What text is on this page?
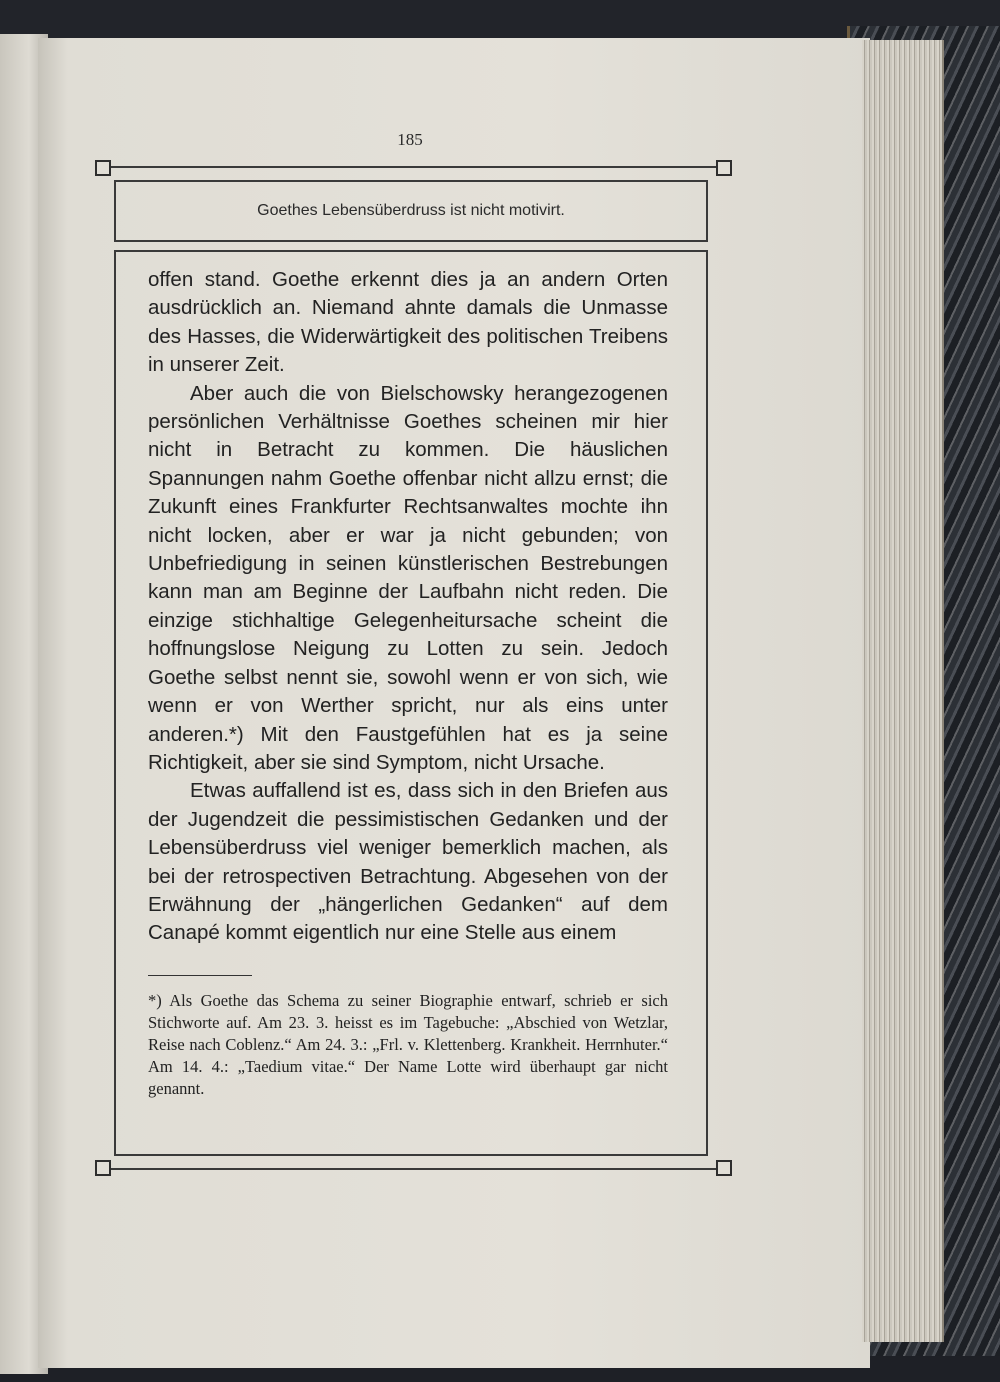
185
Goethes Lebensüberdruss ist nicht motivirt.

offen stand. Goethe erkennt dies ja an andern Orten ausdrücklich an. Niemand ahnte damals die Unmasse des Hasses, die Widerwärtigkeit des politischen Treibens in unserer Zeit.

Aber auch die von Bielschowsky herangezogenen persönlichen Verhältnisse Goethes scheinen mir hier nicht in Betracht zu kommen. Die häuslichen Spannungen nahm Goethe offenbar nicht allzu ernst; die Zukunft eines Frankfurter Rechtsanwaltes mochte ihn nicht locken, aber er war ja nicht gebunden; von Unbefriedigung in seinen künstlerischen Bestrebungen kann man am Beginne der Laufbahn nicht reden. Die einzige stichhaltige Gelegenheitursache scheint die hoffnungslose Neigung zu Lotten zu sein. Jedoch Goethe selbst nennt sie, sowohl wenn er von sich, wie wenn er von Werther spricht, nur als eins unter anderen.*) Mit den Faustgefühlen hat es ja seine Richtigkeit, aber sie sind Symptom, nicht Ursache.

Etwas auffallend ist es, dass sich in den Briefen aus der Jugendzeit die pessimistischen Gedanken und der Lebensüberdruss viel weniger bemerklich machen, als bei der retrospectiven Betrachtung. Abgesehen von der Erwähnung der „hängerlichen Gedanken“ auf dem Canapé kommt eigentlich nur eine Stelle aus einem

*) Als Goethe das Schema zu seiner Biographie entwarf, schrieb er sich Stichworte auf. Am 23. 3. heisst es im Tagebuche: „Abschied von Wetzlar, Reise nach Coblenz.“ Am 24. 3.: „Frl. v. Klettenberg. Krankheit. Herrnhuter.“ Am 14. 4.: „Taedium vitae.“ Der Name Lotte wird überhaupt gar nicht genannt.
